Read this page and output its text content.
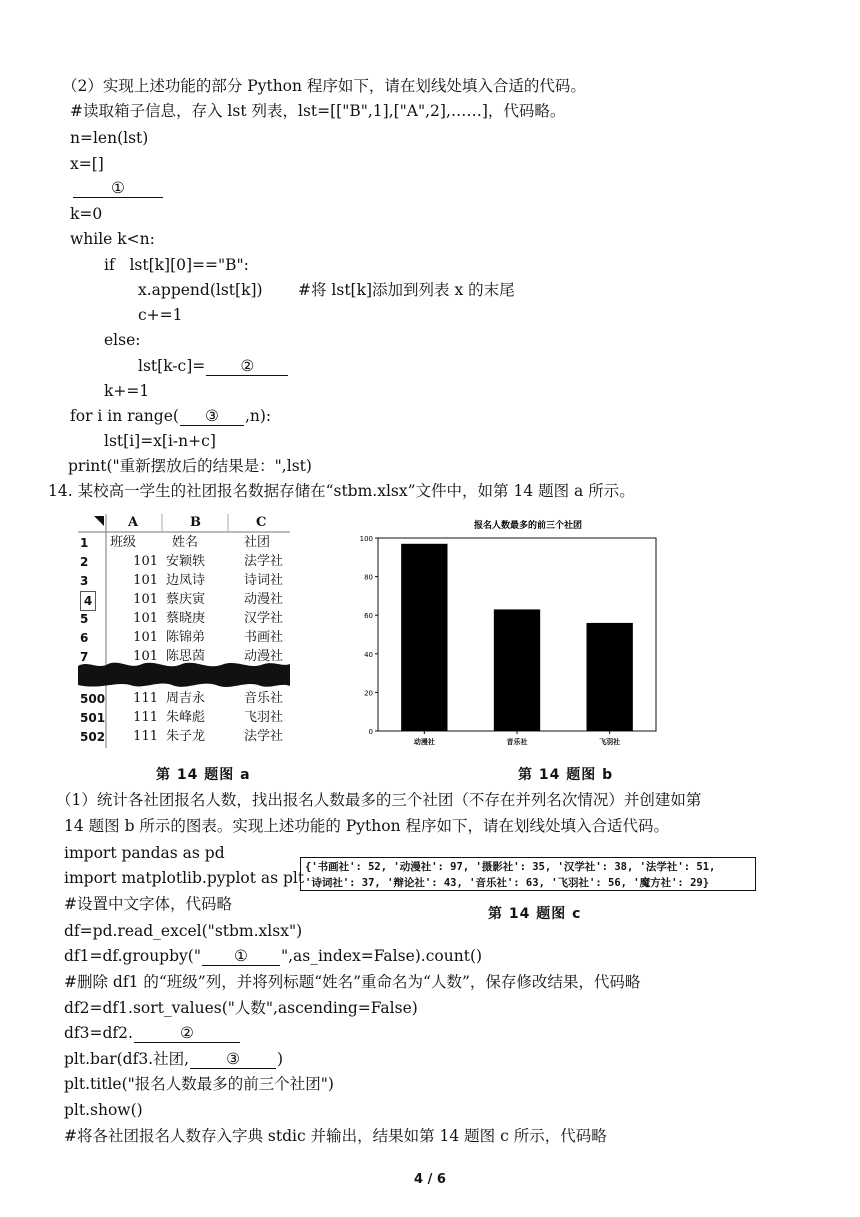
（2）实现上述功能的部分 Python 程序如下，请在划线处填入合适的代码。
#读取箱子信息，存入 lst 列表，lst=[["B",1],["A",2],……]，代码略。
n=len(lst)
x=[]
①
k=0
while k<n:
if   lst[k][0]=="B":
x.append(lst[k]) #将 lst[k]添加到列表 x 的末尾
c+=1
else:
lst[k-c]= ②
k+=1
for i in range( ③ ,n):
lst[i]=x[i-n+c]
print("重新摆放后的结果是：",lst)
14. 某校高一学生的社团报名数据存储在“stbm.xlsx”文件中，如第 14 题图 a 所示。
A	B	C
1	班级	姓名	社团
2	101 安颖轶	法学社
3	101 边凤诗	诗词社
4	101 蔡庆寅	动漫社
5	101 蔡晓庚	汉学社
6	101 陈锦弟	书画社
7	101 陈思茵	动漫社
500	111 周吉永	音乐社
501	111 朱峰彪	飞羽社
502	111 朱子龙	法学社
报名人数最多的前三个社团
0
20
40
60
80
100
动漫社	音乐社	飞羽社
第 14 题图 a	第 14 题图 b
（1）统计各社团报名人数，找出报名人数最多的三个社团（不存在并列名次情况）并创建如第
14 题图 b 所示的图表。实现上述功能的 Python 程序如下，请在划线处填入合适代码。
import pandas as pd
import matplotlib.pyplot as plt
#设置中文字体，代码略
df=pd.read_excel("stbm.xlsx")
df1=df.groupby(" ① ",as_index=False).count()
#删除 df1 的“班级”列，并将列标题“姓名”重命名为“人数”，保存修改结果，代码略
df2=df1.sort_values("人数",ascending=False)
df3=df2.	②
plt.bar(df3.社团, ③ )
plt.title("报名人数最多的前三个社团")
plt.show()
#将各社团报名人数存入字典 stdic 并输出，结果如第 14 题图 c 所示，代码略
{'书画社': 52, '动漫社': 97, '摄影社': 35, '汉学社': 38, '法学社': 51,
'诗词社': 37, '辩论社': 43, '音乐社': 63, '飞羽社': 56, '魔方社': 29}
第 14 题图 c
4 / 6
